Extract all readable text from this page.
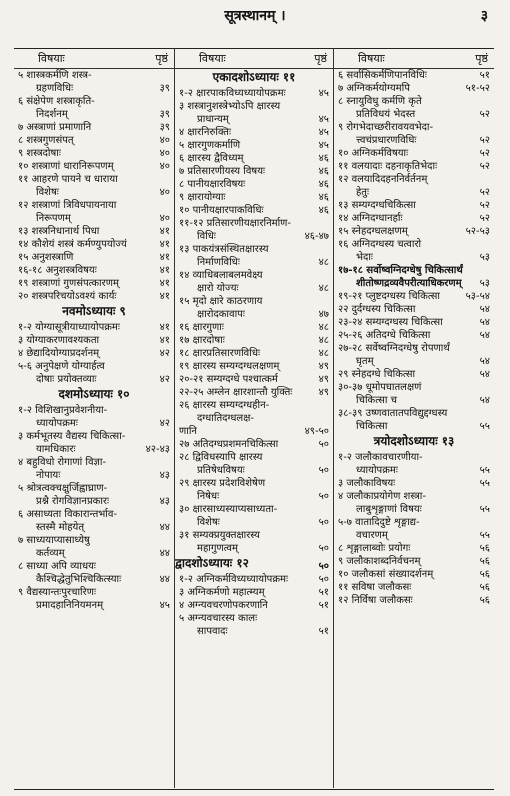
सूत्रस्थानम् ।	३
विषयाः	पृष्ठं
५ शास्त्रकर्मणि शस्त्र-
ग्रहणविधिः	३९
६ संक्षेपेण शस्त्राकृति-
निदर्शनम्	३९
७ अस्त्राणां प्रमाणानि	३९
८ शस्त्रगुणसंपत्	४०
९ शस्त्रदोषाः	४०
१० शस्त्राणां धारानिरूपणम्	४०
११ आहरणे पायने च धाराया
विशेषः	४०
१२ शस्त्राणां त्रिविधपायनाया
निरूपणम्	४०
१३ शस्त्रनिधानार्थ पिधा	४१
१४ कौशेयं शस्त्रं कर्मण्युपयोज्यं	४१
१५ अनुशस्त्राणि	४१
१६-१८ अनुशस्त्रविषयः	४१
१९ शस्त्राणां गुणसंपत्कारणम्	४१
२० शस्त्रपरिचयोऽवश्यं कार्यः	४१
नवमोऽध्यायः ९
१-२ योग्यासूत्रीयाध्यायोपक्रमः	४१
३ योग्याकरणावश्यकता	४१
४ छेद्यादियोग्याप्रदर्शनम्	४२
५-६ अनुपेक्षणे योग्यार्हत्व
दोषाः प्रयोक्तव्याः	४२
दशमोऽध्यायः १०
१-२ विशिखानुप्रवेशनीया-
ध्यायोपक्रमः	४२
३ कर्मभूतस्य वैद्यस्य चिकित्सा-
यामधिकारः	४२-४३
४ बहुविधो रोगाणां विज्ञा-
नोपायः	४३
५ श्रोत्रत्वक्चक्षुर्जिह्वाघ्राण-
प्रश्नै रोगविज्ञानप्रकारः	४३
६ असाध्यता विकारान्तर्भाव-
स्तस्मै मोहयेत्	४४
७ साध्ययाप्यासाध्येषु
कर्तव्यम्	४४
८ साध्या अपि व्याधयः
कैश्चिद्धेतुभिश्चिकित्स्याः	४४
९ वैद्यस्यान्तःपुरचारिणः
प्रमादहानिनियमनम्	४५
विषयाः	पृष्ठं
एकादशोऽध्यायः ११
१-२ क्षारपाकविध्यध्यायोपक्रमः	४५
३ शस्त्रानुशस्त्रेभ्योऽपि क्षारस्य
प्राधान्यम्	४५
४ क्षारनिरुक्तिः	४५
५ क्षारगुणकर्माणि	४५
६ क्षारस्य द्वैविध्यम्	४६
७ प्रतिसारणीयस्य विषयः	४६
८ पानीयक्षारविषयः	४६
९ क्षारायोग्याः	४६
१० पानीयक्षारपाकविधिः	४६
११-१२ प्रतिसारणीयक्षारनिर्माण-
विधिः	४६-४७
१३ पाकयंत्रसंस्थितक्षारस्य
निर्माणविधिः	४८
१४ व्याधिबलाबलमवेक्ष्य
क्षारो योज्यः	४८
१५ मृदो क्षारे काठरणाय
क्षारोदकावापः	४७
१६ क्षारगुणाः	४८
१७ क्षारदोषाः	४८
१८ क्षारप्रतिसारणविधिः	४८
१९ क्षारस्य सम्यग्दग्धलक्षणम्	४९
२०-२१ सम्यग्दग्धे पश्चात्कर्म	४९
२२-२५ अम्लेन क्षारशान्तौ युक्तिः	४९
२६ क्षारस्य सम्यग्दग्धहीन-
दग्धातिदग्धलक्ष-
णानि	४९-५०
२७ अतिदग्धप्रशमनचिकित्सा	५०
२८ द्विविधस्यापि क्षारस्य
प्रतिषेधविषयः	५०
२९ क्षारस्य प्रदेशविशेषेण
निषेधः	५०
३० क्षारसाध्यस्याप्यसाध्यता-
विशेषः	५०
३१ सम्यक्प्रयुक्तक्षारस्य
महागुणत्वम्	५०
द्वादशोऽध्यायः १२	५०
१-२ अग्निकर्मविध्यध्यायोपक्रमः	५०
३ अग्निकर्मणो महात्म्यम्	५१
४ अग्न्यवचरणोपकरणानि	५१
५ अग्न्यवचारस्य कालः
सापवादः	५१
विषयाः	पृष्ठं
६ सर्वासिकर्मणिपानविधिः	५१
७ अग्निकर्मयोग्यमपि	५१-५२
८ स्नायुविधु कर्मणि कृते
प्रतिविधयं भेदस्त	५२
९ रोगभेदाच्छरीरावयवभेदा-
त्त्वचंप्रधारणविधिः	५२
१० अग्निकर्मविषयाः	५२
११ वलयादाः दहनाकृतिभेदाः	५२
१२ वलयादिदहननिर्वर्तनम्
हेतुः	५२
१३ सम्यग्दग्धचिकित्सा	५२
१४ अग्निदग्धानर्हाः	५२
१५ स्नेहदग्धलक्षणम्	५२-५३
१६ अग्निदग्धस्य चत्वारो
भेदाः	५३
१७-१८ सर्वोष्वग्निदग्धेषु चिकित्सार्थं
शीतोष्णद्रव्यवैपरीत्याधिकरणम्	५३
१९-२१ प्लुष्टदग्धस्य चिकित्सा	५३-५४
२२ दुर्दग्धस्य चिकित्सा	५४
२३-२४ सम्यग्दग्धस्य चिकित्सा	५४
२५-२६ अतिदग्धे चिकित्सा	५४
२७-२८ सर्वेष्वग्निदग्धेषु रोपणार्थं
घृतम्	५४
२९ स्नेहदग्धे चिकित्सा	५४
३०-३७ धूमोपघातलक्षणं
चिकित्सा च	५४
३८-३९ उष्णवातातपविद्युद्दग्धस्य
चिकित्सा	५५
त्रयोदशोऽध्यायः १३
१-२ जलौकावचारणीया-
ध्यायोपक्रमः	५५
३ जलौकाविषयः	५५
४ जलौकाप्रयोगेण शस्त्रा-
लाबुशृङ्गाणां विषयः	५५
५-७ वातादिदुष्टे शृङ्गाद्य-
वचारणम्	५५
८ शृङ्गालाब्वोः प्रयोगः	५६
९ जलौकाशब्दनिर्वचनम्	५६
१० जलौकसां संख्यादर्शनम्	५६
११ सविषा जलौकसः	५६
१२ निर्विषा जलौकसः	५६
